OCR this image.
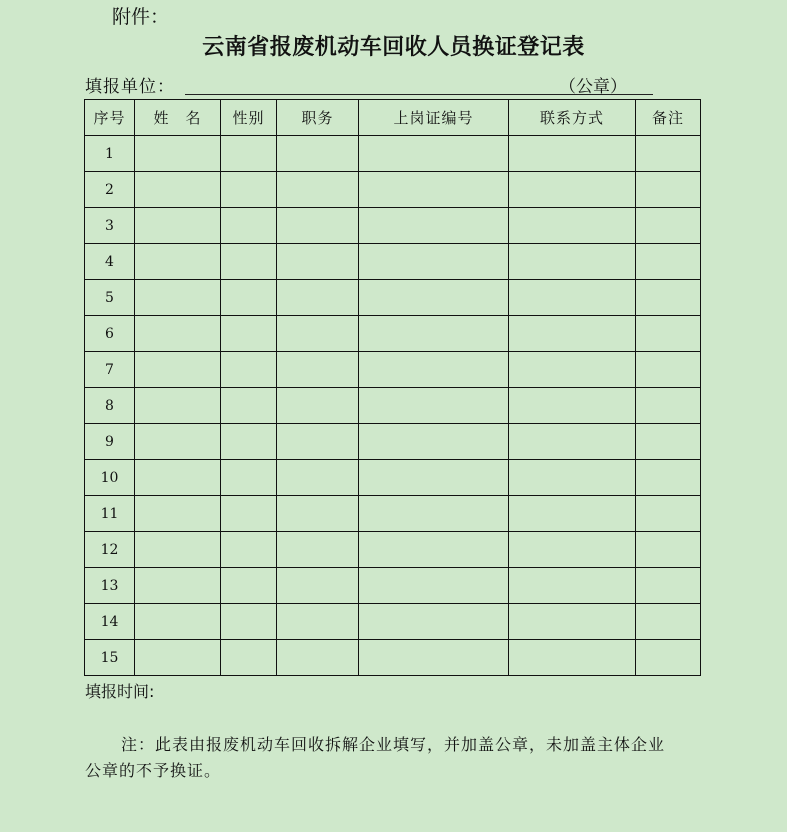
附件：
云南省报废机动车回收人员换证登记表
填报单位：	（公章）
序号	姓　名	性别	职务	上岗证编号	联系方式	备注
1						
2						
3						
4						
5						
6						
7						
8						
9						
10						
11						
12						
13						
14						
15						
填报时间:
注：此表由报废机动车回收拆解企业填写，并加盖公章，未加盖主体企业公章的不予换证。
